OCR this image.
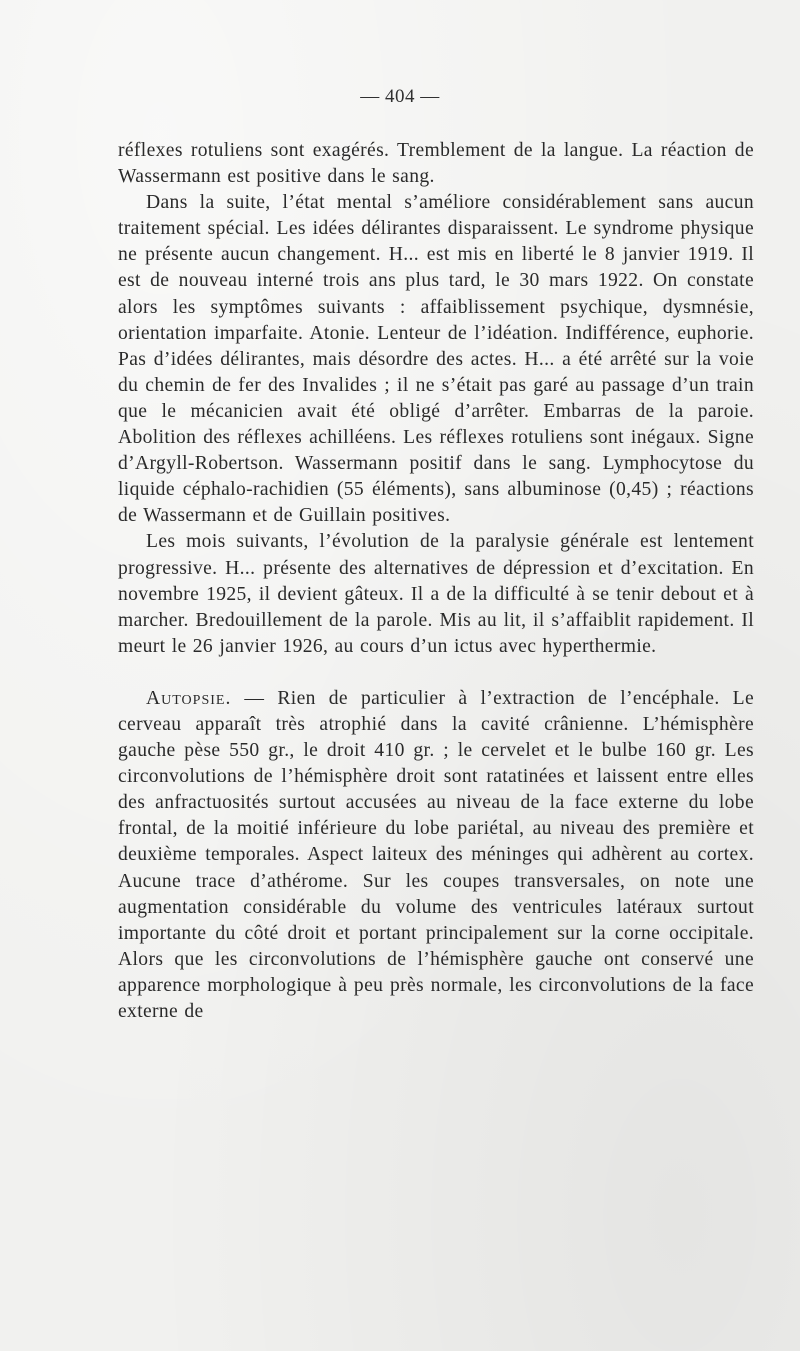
— 404 —

réflexes rotuliens sont exagérés. Tremblement de la langue. La réaction de Wassermann est positive dans le sang.

Dans la suite, l’état mental s’améliore considérablement sans aucun traitement spécial. Les idées délirantes disparaissent. Le syndrome physique ne présente aucun changement. H... est mis en liberté le 8 janvier 1919. Il est de nouveau interné trois ans plus tard, le 30 mars 1922. On constate alors les symptômes suivants : affaiblissement psychique, dysmnésie, orientation imparfaite. Atonie. Lenteur de l’idéation. Indifférence, euphorie. Pas d’idées délirantes, mais désordre des actes. H... a été arrêté sur la voie du chemin de fer des Invalides ; il ne s’était pas garé au passage d’un train que le mécanicien avait été obligé d’arrêter. Embarras de la paroie. Abolition des réflexes achilléens. Les réflexes rotuliens sont inégaux. Signe d’Argyll-Robertson. Wassermann positif dans le sang. Lymphocytose du liquide céphalo-rachidien (55 éléments), sans albuminose (0,45) ; réactions de Wassermann et de Guillain positives.

Les mois suivants, l’évolution de la paralysie générale est lentement progressive. H... présente des alternatives de dépression et d’excitation. En novembre 1925, il devient gâteux. Il a de la difficulté à se tenir debout et à marcher. Bredouillement de la parole. Mis au lit, il s’affaiblit rapidement. Il meurt le 26 janvier 1926, au cours d’un ictus avec hyperthermie.

Autopsie. — Rien de particulier à l’extraction de l’encéphale. Le cerveau apparaît très atrophié dans la cavité crânienne. L’hémisphère gauche pèse 550 gr., le droit 410 gr. ; le cervelet et le bulbe 160 gr. Les circonvolutions de l’hémisphère droit sont ratatinées et laissent entre elles des anfractuosités surtout accusées au niveau de la face externe du lobe frontal, de la moitié inférieure du lobe pariétal, au niveau des première et deuxième temporales. Aspect laiteux des méninges qui adhèrent au cortex. Aucune trace d’athérome. Sur les coupes transversales, on note une augmentation considérable du volume des ventricules latéraux surtout importante du côté droit et portant principalement sur la corne occipitale. Alors que les circonvolutions de l’hémisphère gauche ont conservé une apparence morphologique à peu près normale, les circonvolutions de la face externe de
